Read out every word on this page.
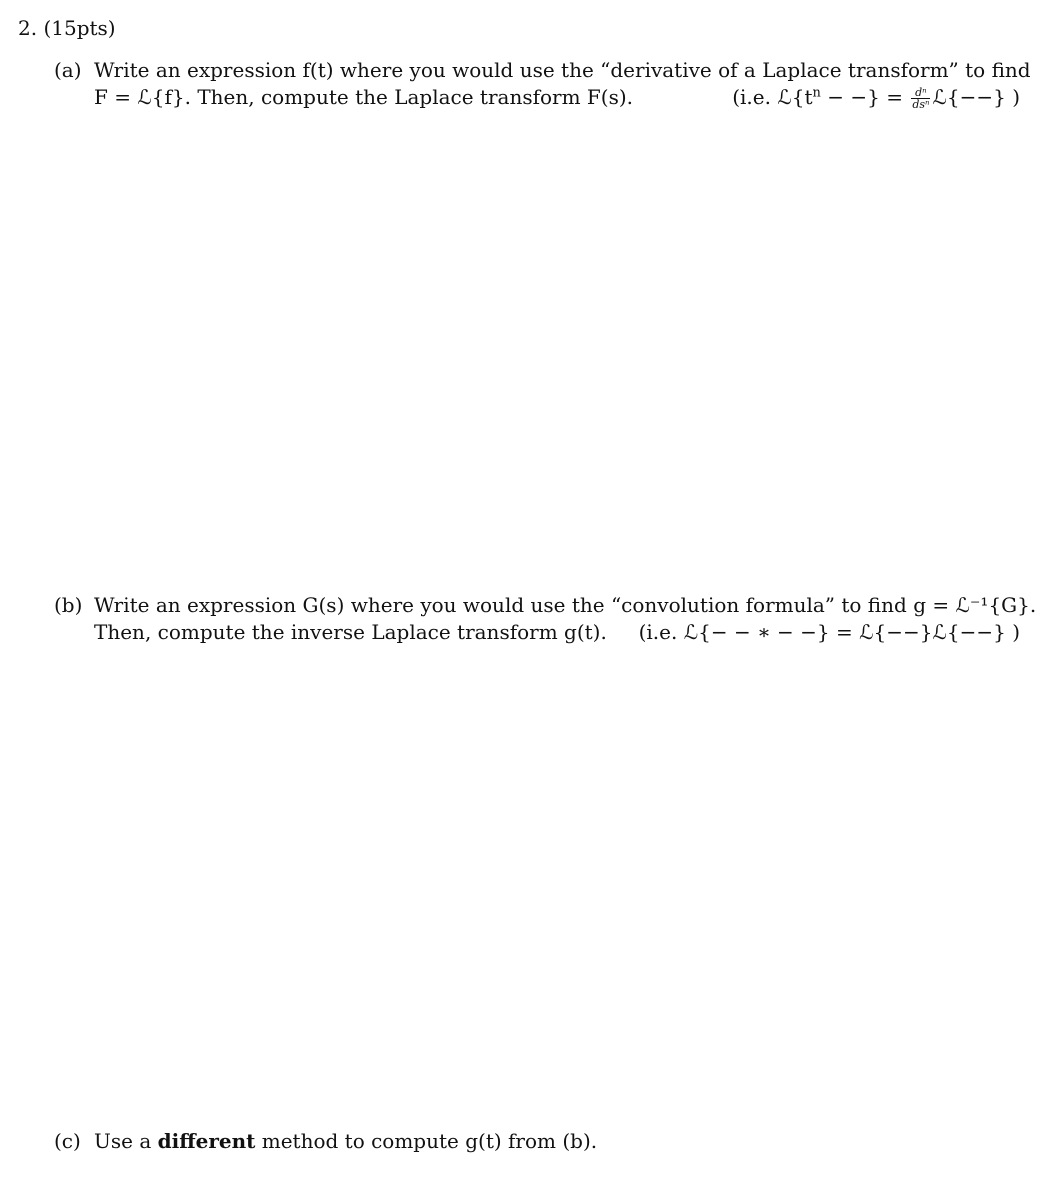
2. (15pts)
(a) Write an expression f(t) where you would use the “derivative of a Laplace transform” to find
F = ℒ{f}. Then, compute the Laplace transform F(s).	(i.e. $ℒ\{t^n$ − −} = $\frac{\text{dⁿ}}{\text{dsⁿ}}$ ℒ{−−} )
(b) Write an expression G(s) where you would use the “convolution formula” to find g = ℒ⁻¹{G}.
Then, compute the inverse Laplace transform g(t). (i.e. ℒ{− − ∗ − −} = ℒ{−−}ℒ{−−} )
(c) Use a different method to compute g(t) from (b).
